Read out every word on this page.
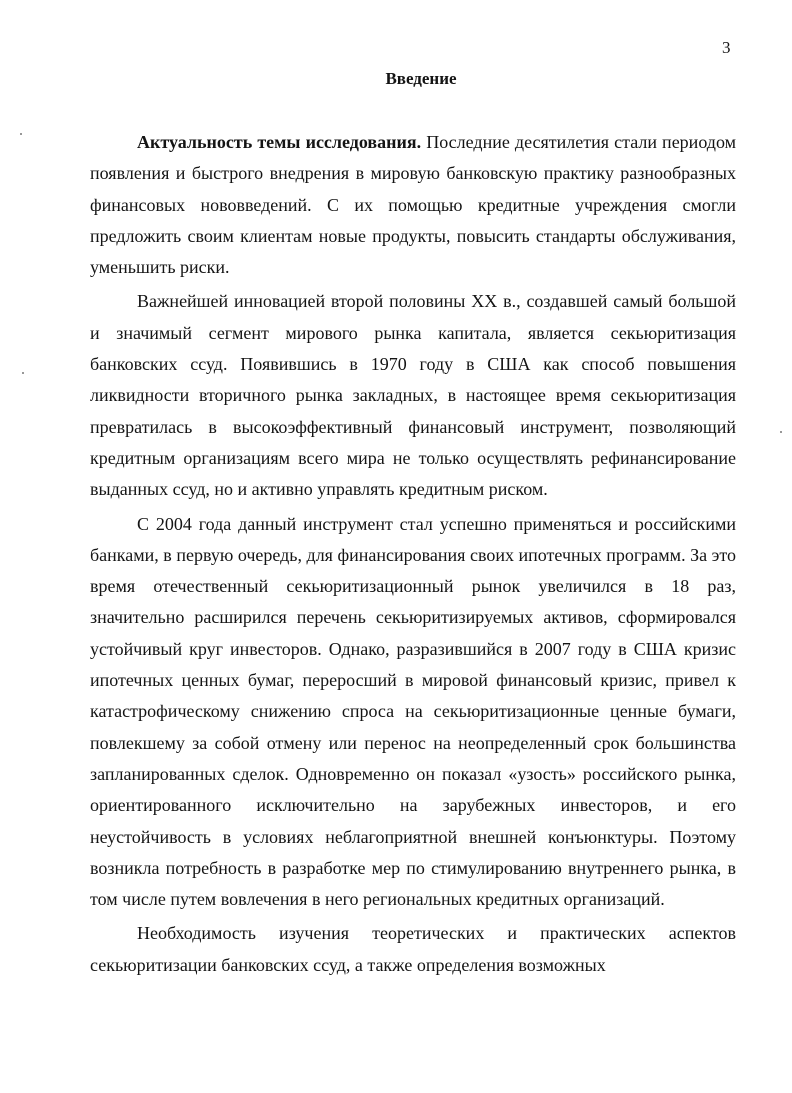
3
Введение

Актуальность темы исследования. Последние десятилетия стали периодом появления и быстрого внедрения в мировую банковскую практику разнообразных финансовых нововведений. С их помощью кредитные учреждения смогли предложить своим клиентам новые продукты, повысить стандарты обслуживания, уменьшить риски.

Важнейшей инновацией второй половины XX в., создавшей самый большой и значимый сегмент мирового рынка капитала, является секьюритизация банковских ссуд. Появившись в 1970 году в США как способ повышения ликвидности вторичного рынка закладных, в настоящее время секьюритизация превратилась в высокоэффективный финансовый инструмент, позволяющий кредитным организациям всего мира не только осуществлять рефинансирование выданных ссуд, но и активно управлять кредитным риском.

С 2004 года данный инструмент стал успешно применяться и российскими банками, в первую очередь, для финансирования своих ипотечных программ. За это время отечественный секьюритизационный рынок увеличился в 18 раз, значительно расширился перечень секьюритизируемых активов, сформировался устойчивый круг инвесторов. Однако, разразившийся в 2007 году в США кризис ипотечных ценных бумаг, переросший в мировой финансовый кризис, привел к катастрофическому снижению спроса на секьюритизационные ценные бумаги, повлекшему за собой отмену или перенос на неопределенный срок большинства запланированных сделок. Одновременно он показал «узость» российского рынка, ориентированного исключительно на зарубежных инвесторов, и его неустойчивость в условиях неблагоприятной внешней конъюнктуры. Поэтому возникла потребность в разработке мер по стимулированию внутреннего рынка, в том числе путем вовлечения в него региональных кредитных организаций.

Необходимость изучения теоретических и практических аспектов секьюритизации банковских ссуд, а также определения возможных
